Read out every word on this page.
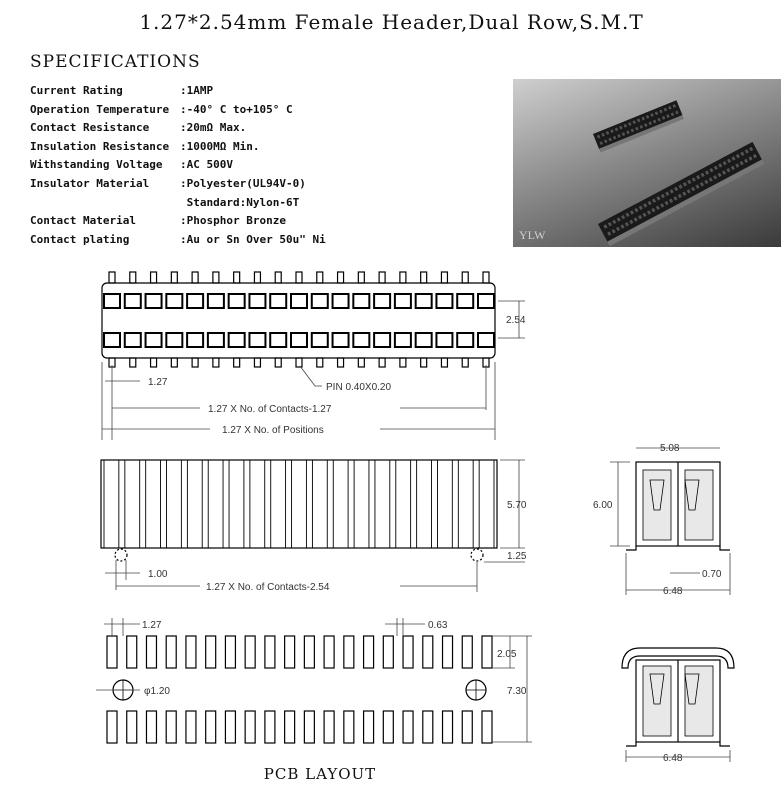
1.27*2.54mm Female Header,Dual Row,S.M.T
SPECIFICATIONS
Current Rating	:1AMP
Operation Temperature :-40° C to+105° C
Contact Resistance	:20mΩ Max.
Insulation Resistance :1000MΩ Min.
Withstanding Voltage	:AC 500V
Insulator Material	:Polyester(UL94V-0)
Standard:Nylon-6T
Contact Material	:Phosphor Bronze
Contact plating	:Au or Sn Over 50u" Ni	YLW
2.54
1.27	PIN 0.40X0.20
1.27 X No. of Contacts-1.27
1.27 X No. of Positions
5.70
1.25
1.00
1.27 X No. of Contacts-2.54
5.08
6.00
0.70
6.48
1.27	0.63
2.05
φ1.20	7.30
6.48
PCB LAYOUT
